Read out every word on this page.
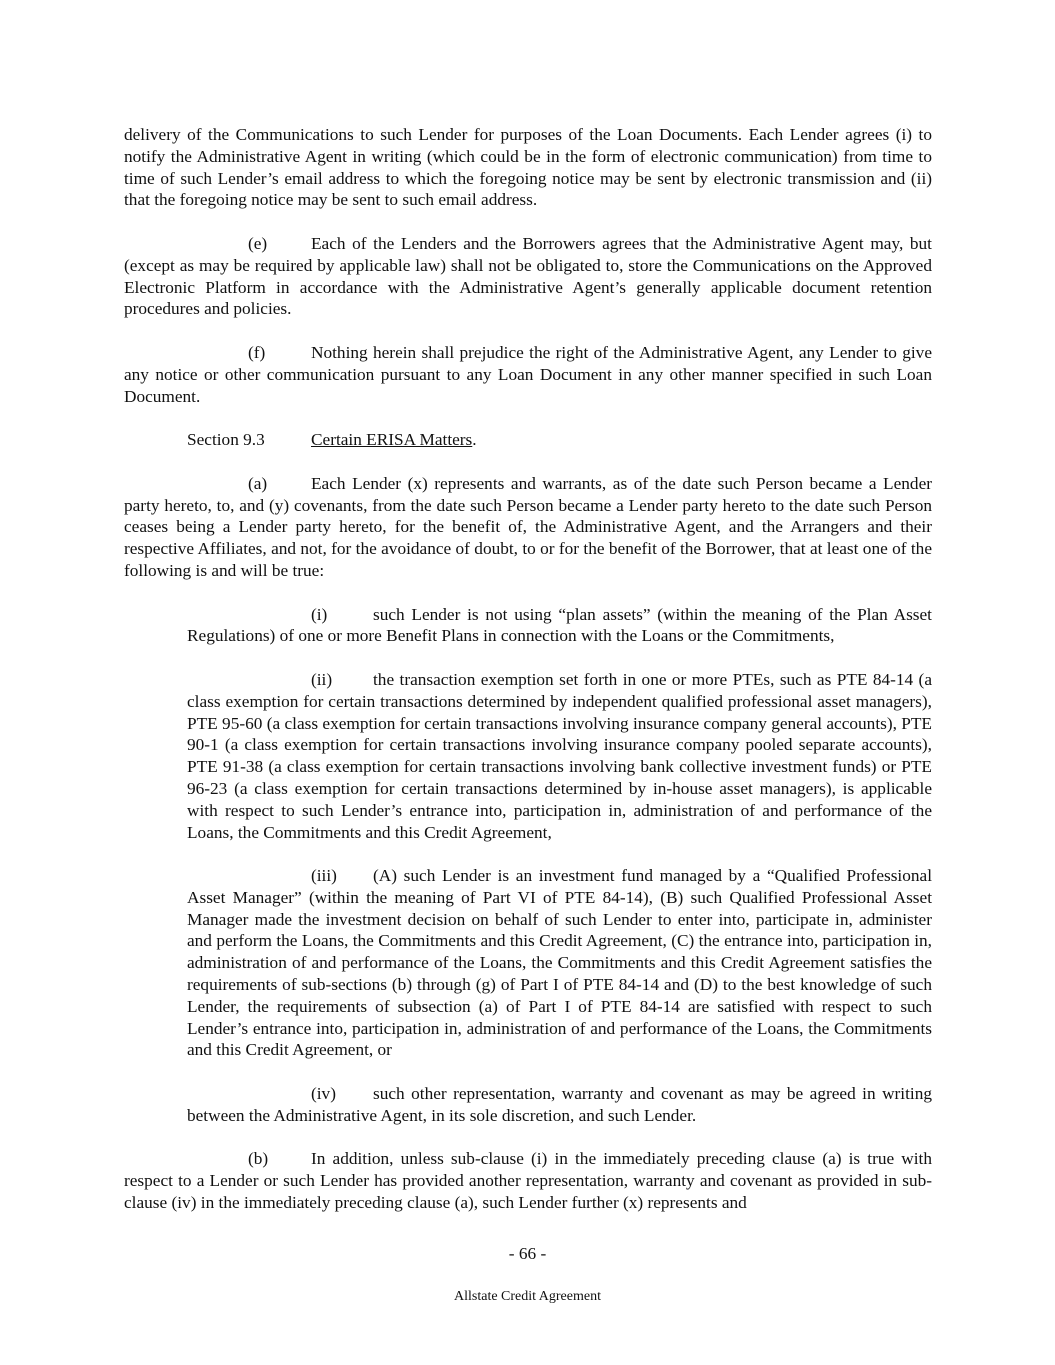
delivery of the Communications to such Lender for purposes of the Loan Documents. Each Lender agrees (i) to notify the Administrative Agent in writing (which could be in the form of electronic communication) from time to time of such Lender’s email address to which the foregoing notice may be sent by electronic transmission and (ii) that the foregoing notice may be sent to such email address.

(e)	Each of the Lenders and the Borrowers agrees that the Administrative Agent may, but (except as may be required by applicable law) shall not be obligated to, store the Communications on the Approved Electronic Platform in accordance with the Administrative Agent’s generally applicable document retention procedures and policies.

(f)	Nothing herein shall prejudice the right of the Administrative Agent, any Lender to give any notice or other communication pursuant to any Loan Document in any other manner specified in such Loan Document.

Section 9.3	Certain ERISA Matters.

(a)	Each Lender (x) represents and warrants, as of the date such Person became a Lender party hereto, to, and (y) covenants, from the date such Person became a Lender party hereto to the date such Person ceases being a Lender party hereto, for the benefit of, the Administrative Agent, and the Arrangers and their respective Affiliates, and not, for the avoidance of doubt, to or for the benefit of the Borrower, that at least one of the following is and will be true:

(i)	such Lender is not using “plan assets” (within the meaning of the Plan Asset Regulations) of one or more Benefit Plans in connection with the Loans or the Commitments,

(ii) the transaction exemption set forth in one or more PTEs, such as PTE 84-14 (a class exemption for certain transactions determined by independent qualified professional asset managers), PTE 95-60 (a class exemption for certain transactions involving insurance company general accounts), PTE 90-1 (a class exemption for certain transactions involving insurance company pooled separate accounts), PTE 91-38 (a class exemption for certain transactions involving bank collective investment funds) or PTE 96-23 (a class exemption for certain transactions determined by in-house asset managers), is applicable with respect to such Lender’s entrance into, participation in, administration of and performance of the Loans, the Commitments and this Credit Agreement,

(iii) (A) such Lender is an investment fund managed by a “Qualified Professional Asset Manager” (within the meaning of Part VI of PTE 84-14), (B) such Qualified Professional Asset Manager made the investment decision on behalf of such Lender to enter into, participate in, administer and perform the Loans, the Commitments and this Credit Agreement, (C) the entrance into, participation in, administration of and performance of the Loans, the Commitments and this Credit Agreement satisfies the requirements of sub-sections (b) through (g) of Part I of PTE 84-14 and (D) to the best knowledge of such Lender, the requirements of subsection (a) of Part I of PTE 84-14 are satisfied with respect to such Lender’s entrance into, participation in, administration of and performance of the Loans, the Commitments and this Credit Agreement, or

(iv) such other representation, warranty and covenant as may be agreed in writing between the Administrative Agent, in its sole discretion, and such Lender.

(b) In addition, unless sub-clause (i) in the immediately preceding clause (a) is true with respect to a Lender or such Lender has provided another representation, warranty and covenant as provided in sub-clause (iv) in the immediately preceding clause (a), such Lender further (x) represents and

- 66 -
Allstate Credit Agreement
